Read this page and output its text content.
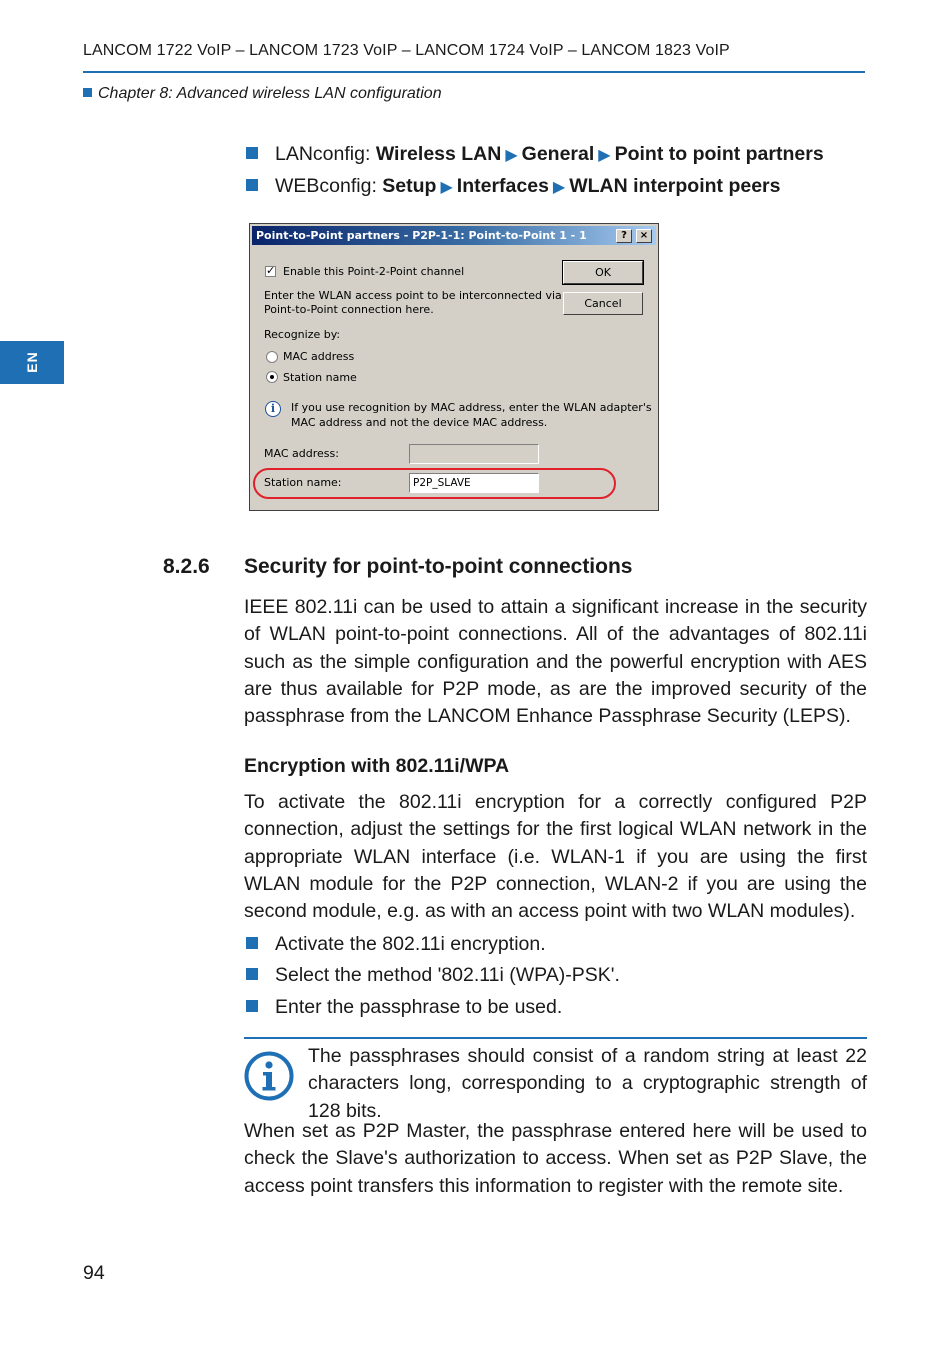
LANCOM 1722 VoIP – LANCOM 1723 VoIP – LANCOM 1724 VoIP – LANCOM 1823 VoIP
Chapter 8: Advanced wireless LAN configuration
EN
LANconfig: Wireless LAN ▶ General ▶ Point to point partners
WEBconfig: Setup ▶ Interfaces ▶ WLAN interpoint peers
Point-to-Point partners - P2P-1-1: Point-to-Point 1 - 1	?	×
✓
Enable this Point-2-Point channel	OK
Cancel
Enter the WLAN access point to be interconnected via
Point-to-Point connection here.
Recognize by:
MAC address
Station name
i	If you use recognition by MAC address, enter the WLAN adapter's
MAC address and not the device MAC address.
MAC address:
Station name:	P2P_SLAVE
8.2.6 Security for point-to-point connections
IEEE 802.11i can be used to attain a significant increase in the security of WLAN point-to-point connections. All of the advantages of 802.11i such as the simple configuration and the powerful encryption with AES are thus available for P2P mode, as are the improved security of the passphrase from the LANCOM Enhance Passphrase Security (LEPS).
Encryption with 802.11i/WPA
To activate the 802.11i encryption for a correctly configured P2P connection, adjust the settings for the first logical WLAN network in the appropriate WLAN interface (i.e. WLAN-1 if you are using the first WLAN module for the P2P connection, WLAN-2 if you are using the second module, e.g. as with an access point with two WLAN modules).
Activate the 802.11i encryption.
Select the method '802.11i (WPA)-PSK'.
Enter the passphrase to be used.
The passphrases should consist of a random string at least 22 characters long, corresponding to a cryptographic strength of 128 bits.
When set as P2P Master, the passphrase entered here will be used to check the Slave's authorization to access. When set as P2P Slave, the access point transfers this information to register with the remote site.
94
